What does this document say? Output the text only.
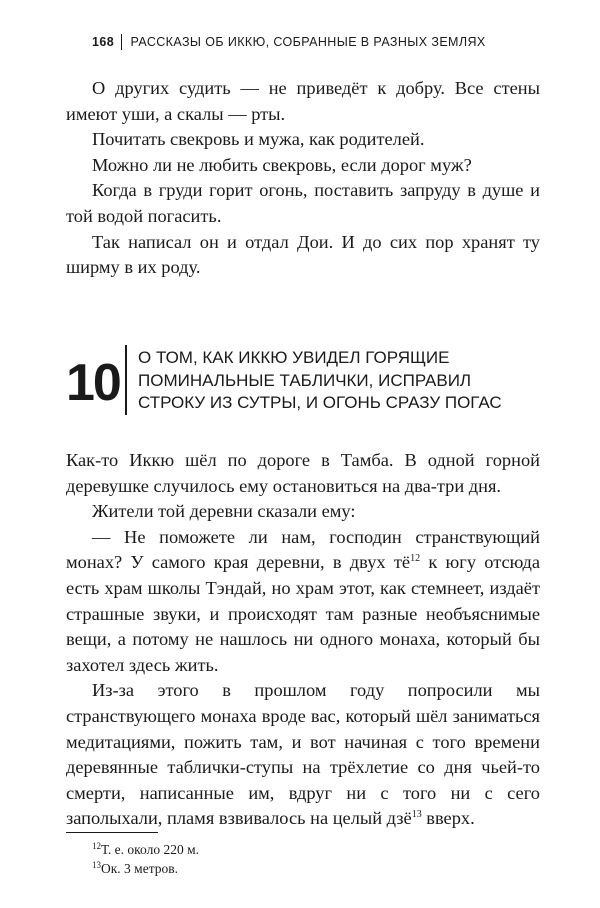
168 РАССКАЗЫ ОБ ИККЮ, СОБРАННЫЕ В РАЗНЫХ ЗЕМЛЯХ

О других судить — не приведёт к добру. Все стены имеют уши, а скалы — рты.

Почитать свекровь и мужа, как родителей.

Можно ли не любить свекровь, если дорог муж?

Когда в груди горит огонь, поставить запруду в душе и той водой погасить.

Так написал он и отдал Дои. И до сих пор хранят ту ширму в их роду.

10 О ТОМ, КАК ИККЮ УВИДЕЛ ГОРЯЩИЕ
ПОМИНАЛЬНЫЕ ТАБЛИЧКИ, ИСПРАВИЛ
СТРОКУ ИЗ СУТРЫ, И ОГОНЬ СРАЗУ ПОГАС

Как-то Иккю шёл по дороге в Тамба. В одной горной деревушке случилось ему остановиться на два-три дня.

Жители той деревни сказали ему:

— Не поможете ли нам, господин странствующий монах? У самого края деревни, в двух $тё^{12}$ к югу отсюда есть храм школы Тэндай, но храм этот, как стемнеет, издаёт страшные звуки, и происходят там разные необъяснимые вещи, а потому не нашлось ни одного монаха, который бы захотел здесь жить.

Из-за этого в прошлом году попросили мы странствующего монаха вроде вас, который шёл заниматься медитациями, пожить там, и вот начиная с того времени деревянные таблички-ступы на трёхлетие со дня чьей-то смерти, написанные им, вдруг ни с того ни с сего заполыхали, пламя взвивалось на целый дзё$^{13}$ вверх.

$^{12}$Т. е. около 220 м.
$^{13}$Ок. 3 метров.
